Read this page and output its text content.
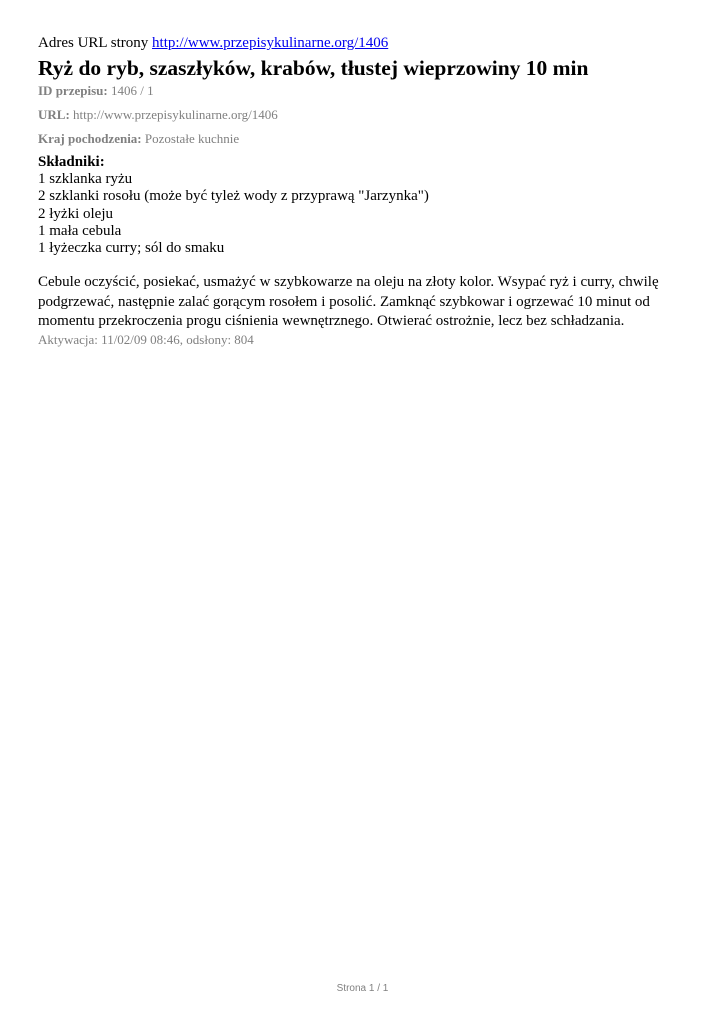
Adres URL strony http://www.przepisykulinarne.org/1406
Ryż do ryb, szaszłyków, krabów, tłustej wieprzowiny 10 min
ID przepisu: 1406 / 1
URL: http://www.przepisykulinarne.org/1406
Kraj pochodzenia: Pozostałe kuchnie
Składniki:
1 szklanka ryżu
2 szklanki rosołu (może być tyleż wody z przyprawą "Jarzynka")
2 łyżki oleju
1 mała cebula
1 łyżeczka curry; sól do smaku

Cebule oczyścić, posiekać, usmażyć w szybkowarze na oleju na złoty kolor. Wsypać ryż i curry, chwilę podgrzewać, następnie zalać gorącym rosołem i posolić. Zamknąć szybkowar i ogrzewać 10 minut od momentu przekroczenia progu ciśnienia wewnętrznego. Otwierać ostrożnie, lecz bez schładzania.

Aktywacja: 11/02/09 08:46, odsłony: 804
Strona 1 / 1
